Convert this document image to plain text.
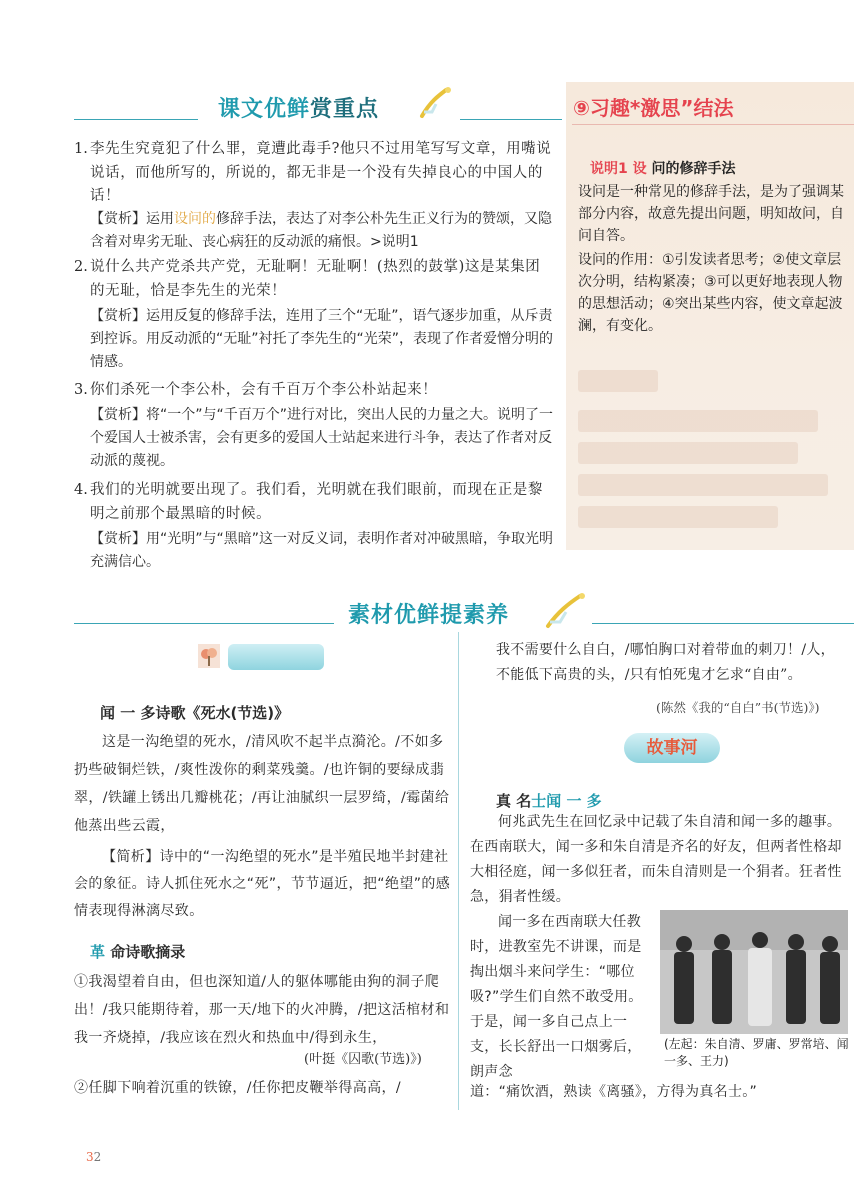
课文优鲜赏重点
1. 李先生究竟犯了什么罪，竟遭此毒手?他只不过用笔写写文章，用嘴说说话，而他所写的，所说的，都无非是一个没有失掉良心的中国人的话！
【赏析】运用设问的修辞手法，表达了对李公朴先生正义行为的赞颂，又隐含着对卑劣无耻、丧心病狂的反动派的痛恨。>说明1
2. 说什么共产党杀共产党，无耻啊！无耻啊！(热烈的鼓掌)这是某集团的无耻，恰是李先生的光荣！
【赏析】运用反复的修辞手法，连用了三个“无耻”，语气逐步加重，从斥责到控诉。用反动派的“无耻”衬托了李先生的“光荣”，表现了作者爱憎分明的情感。
3. 你们杀死一个李公朴，会有千百万个李公朴站起来！
【赏析】将“一个”与“千百万个”进行对比，突出人民的力量之大。说明了一个爱国人士被杀害，会有更多的爱国人士站起来进行斗争，表达了作者对反动派的蔑视。
4. 我们的光明就要出现了。我们看，光明就在我们眼前，而现在正是黎明之前那个最黑暗的时候。
【赏析】用“光明”与“黑暗”这一对反义词，表明作者对冲破黑暗，争取光明充满信心。
⑨习趣*激思”结法
说明1 设 问的修辞手法
设问是一种常见的修辞手法，是为了强调某部分内容，故意先提出问题，明知故问，自问自答。
设问的作用：①引发读者思考；②使文章层次分明，结构紧凑；③可以更好地表现人物的思想活动；④突出某些内容，使文章起波澜，有变化。
素材优鲜提素养
闻 一 多诗歌《死水(节选)》
这是一沟绝望的死水，/清风吹不起半点漪沦。/不如多扔些破铜烂铁，/爽性泼你的剩菜残羹。/也许铜的要绿成翡翠，/铁罐上锈出几瓣桃花；/再让油腻织一层罗绮，/霉菌给他蒸出些云霞，
【简析】诗中的“一沟绝望的死水”是半殖民地半封建社会的象征。诗人抓住死水之“死”，节节逼近，把“绝望”的感情表现得淋漓尽致。
革 命诗歌摘录
①我渴望着自由，但也深知道/人的躯体哪能由狗的洞子爬出！/我只能期待着，那一天/地下的火冲腾，/把这活棺材和我一齐烧掉，/我应该在烈火和热血中/得到永生，
(叶挺《囚歌(节选)》)
②任脚下响着沉重的铁镣，/任你把皮鞭举得高高，/
我不需要什么自白，/哪怕胸口对着带血的刺刀！/人，不能低下高贵的头，/只有怕死鬼才乞求“自由”。
(陈然《我的“自白”书(节选)》)
故事河
真 名士闻 一 多
何兆武先生在回忆录中记载了朱自清和闻一多的趣事。在西南联大，闻一多和朱自清是齐名的好友，但两者性格却大相径庭，闻一多似狂者，而朱自清则是一个狷者。狂者性急，狷者性缓。
闻一多在西南联大任教时，进教室先不讲课，而是掏出烟斗来问学生：“哪位吸?”学生们自然不敢受用。于是，闻一多自己点上一支，长长舒出一口烟雾后，朗声念
(左起：朱自清、罗庸、罗常培、闻一多、王力)
道：“痛饮酒，熟读《离骚》，方得为真名士。”
32
